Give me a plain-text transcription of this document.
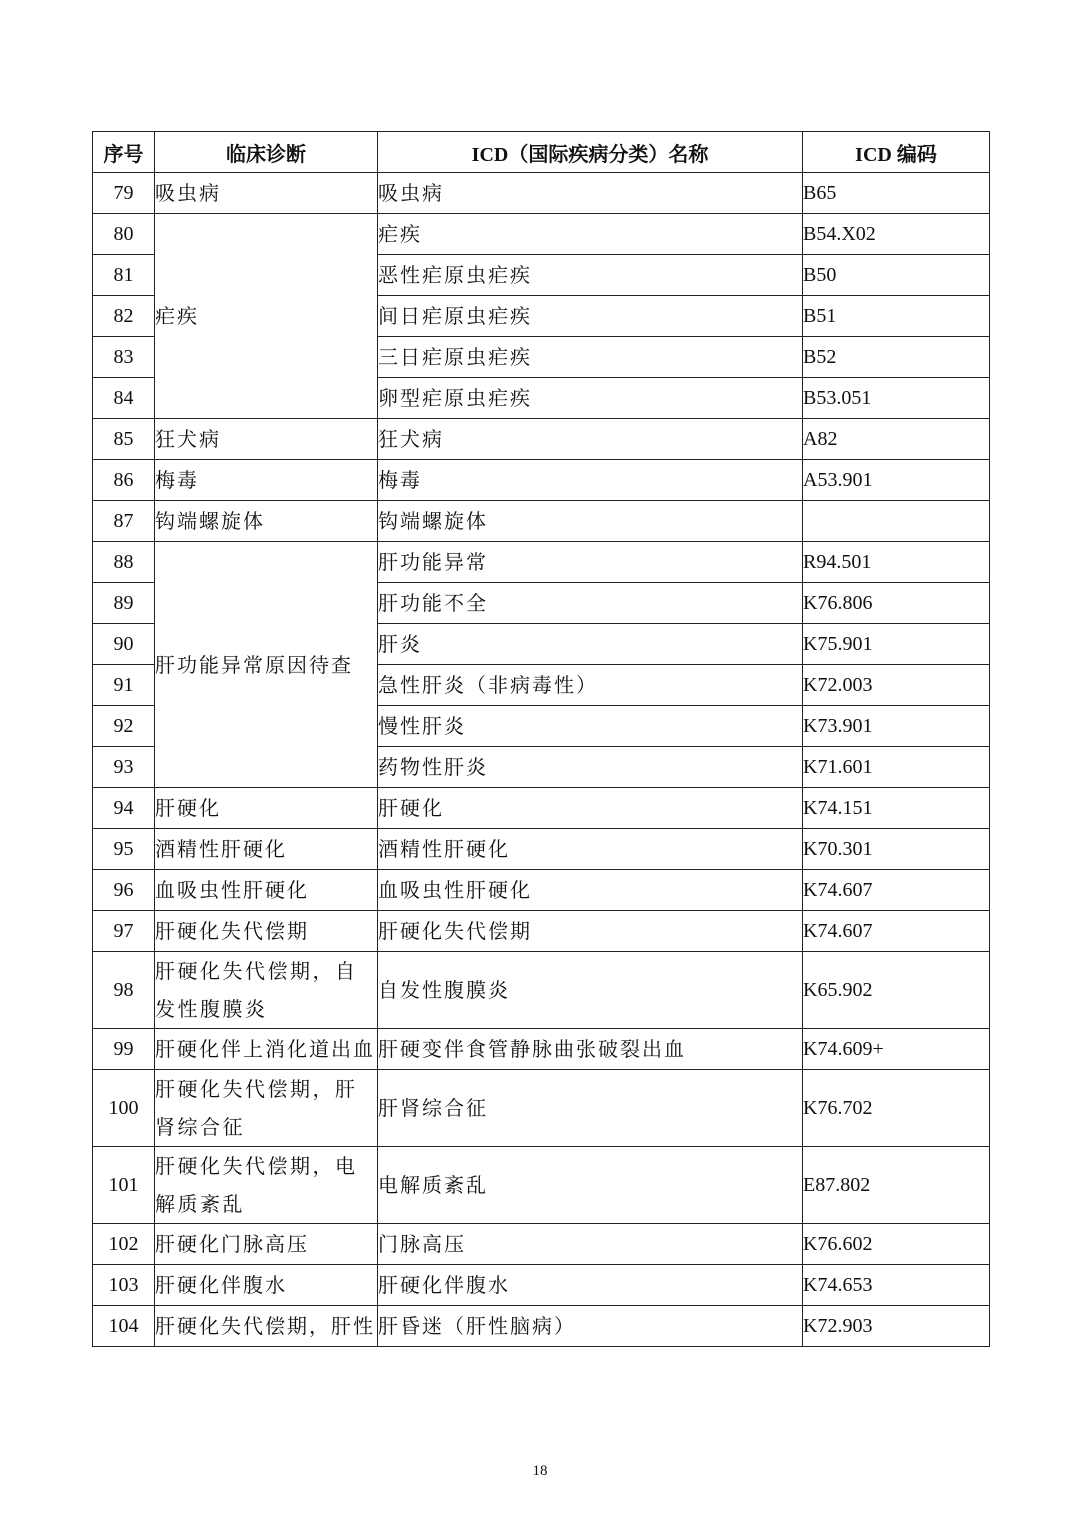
序号	临床诊断	ICD（国际疾病分类）名称	ICD 编码
79	吸虫病	吸虫病	B65
80	疟疾	疟疾	B54.X02
81		恶性疟原虫疟疾	B50
82		间日疟原虫疟疾	B51
83		三日疟原虫疟疾	B52
84		卵型疟原虫疟疾	B53.051
85	狂犬病	狂犬病	A82
86	梅毒	梅毒	A53.901
87	钩端螺旋体	钩端螺旋体	
88	肝功能异常原因待查	肝功能异常	R94.501
89		肝功能不全	K76.806
90		肝炎	K75.901
91		急性肝炎（非病毒性）	K72.003
92		慢性肝炎	K73.901
93		药物性肝炎	K71.601
94	肝硬化	肝硬化	K74.151
95	酒精性肝硬化	酒精性肝硬化	K70.301
96	血吸虫性肝硬化	血吸虫性肝硬化	K74.607
97	肝硬化失代偿期	肝硬化失代偿期	K74.607
98	肝硬化失代偿期，自发性腹膜炎	自发性腹膜炎	K65.902
99	肝硬化伴上消化道出血	肝硬变伴食管静脉曲张破裂出血	K74.609+
100	肝硬化失代偿期，肝肾综合征	肝肾综合征	K76.702
101	肝硬化失代偿期，电解质紊乱	电解质紊乱	E87.802
102	肝硬化门脉高压	门脉高压	K76.602
103	肝硬化伴腹水	肝硬化伴腹水	K74.653
104	肝硬化失代偿期，肝性	肝昏迷（肝性脑病）	K72.903
18
